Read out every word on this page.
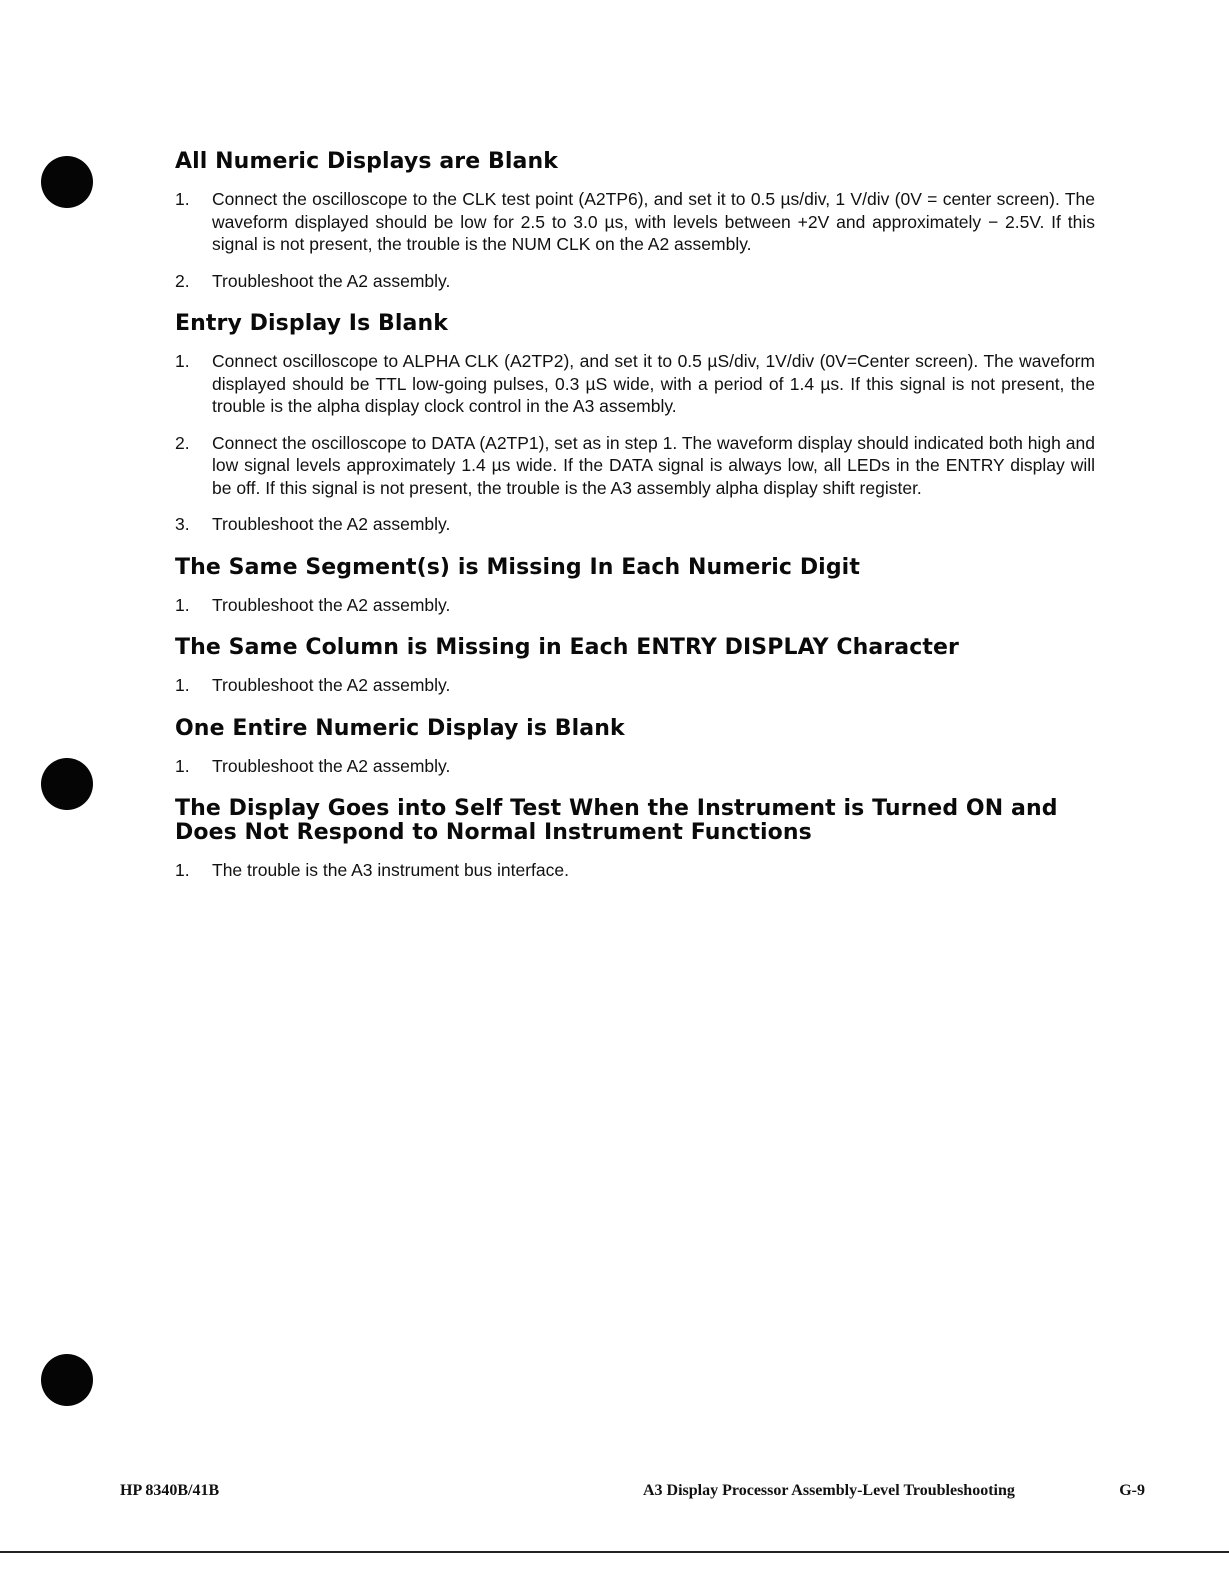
All Numeric Displays are Blank
1. Connect the oscilloscope to the CLK test point (A2TP6), and set it to 0.5 µs/div, 1 V/div (0V = center screen). The waveform displayed should be low for 2.5 to 3.0 µs, with levels between +2V and approximately − 2.5V. If this signal is not present, the trouble is the NUM CLK on the A2 assembly.
2. Troubleshoot the A2 assembly.
Entry Display Is Blank
1. Connect oscilloscope to ALPHA CLK (A2TP2), and set it to 0.5 µS/div, 1V/div (0V=Center screen). The waveform displayed should be TTL low-going pulses, 0.3 µS wide, with a period of 1.4 µs. If this signal is not present, the trouble is the alpha display clock control in the A3 assembly.
2. Connect the oscilloscope to DATA (A2TP1), set as in step 1. The waveform display should indicated both high and low signal levels approximately 1.4 µs wide. If the DATA signal is always low, all LEDs in the ENTRY display will be off. If this signal is not present, the trouble is the A3 assembly alpha display shift register.
3. Troubleshoot the A2 assembly.
The Same Segment(s) is Missing In Each Numeric Digit
1. Troubleshoot the A2 assembly.
The Same Column is Missing in Each ENTRY DISPLAY Character
1. Troubleshoot the A2 assembly.
One Entire Numeric Display is Blank
1. Troubleshoot the A2 assembly.
The Display Goes into Self Test When the Instrument is Turned ON and Does Not Respond to Normal Instrument Functions
1. The trouble is the A3 instrument bus interface.
HP 8340B/41B	A3 Display Processor Assembly-Level Troubleshooting	G-9
